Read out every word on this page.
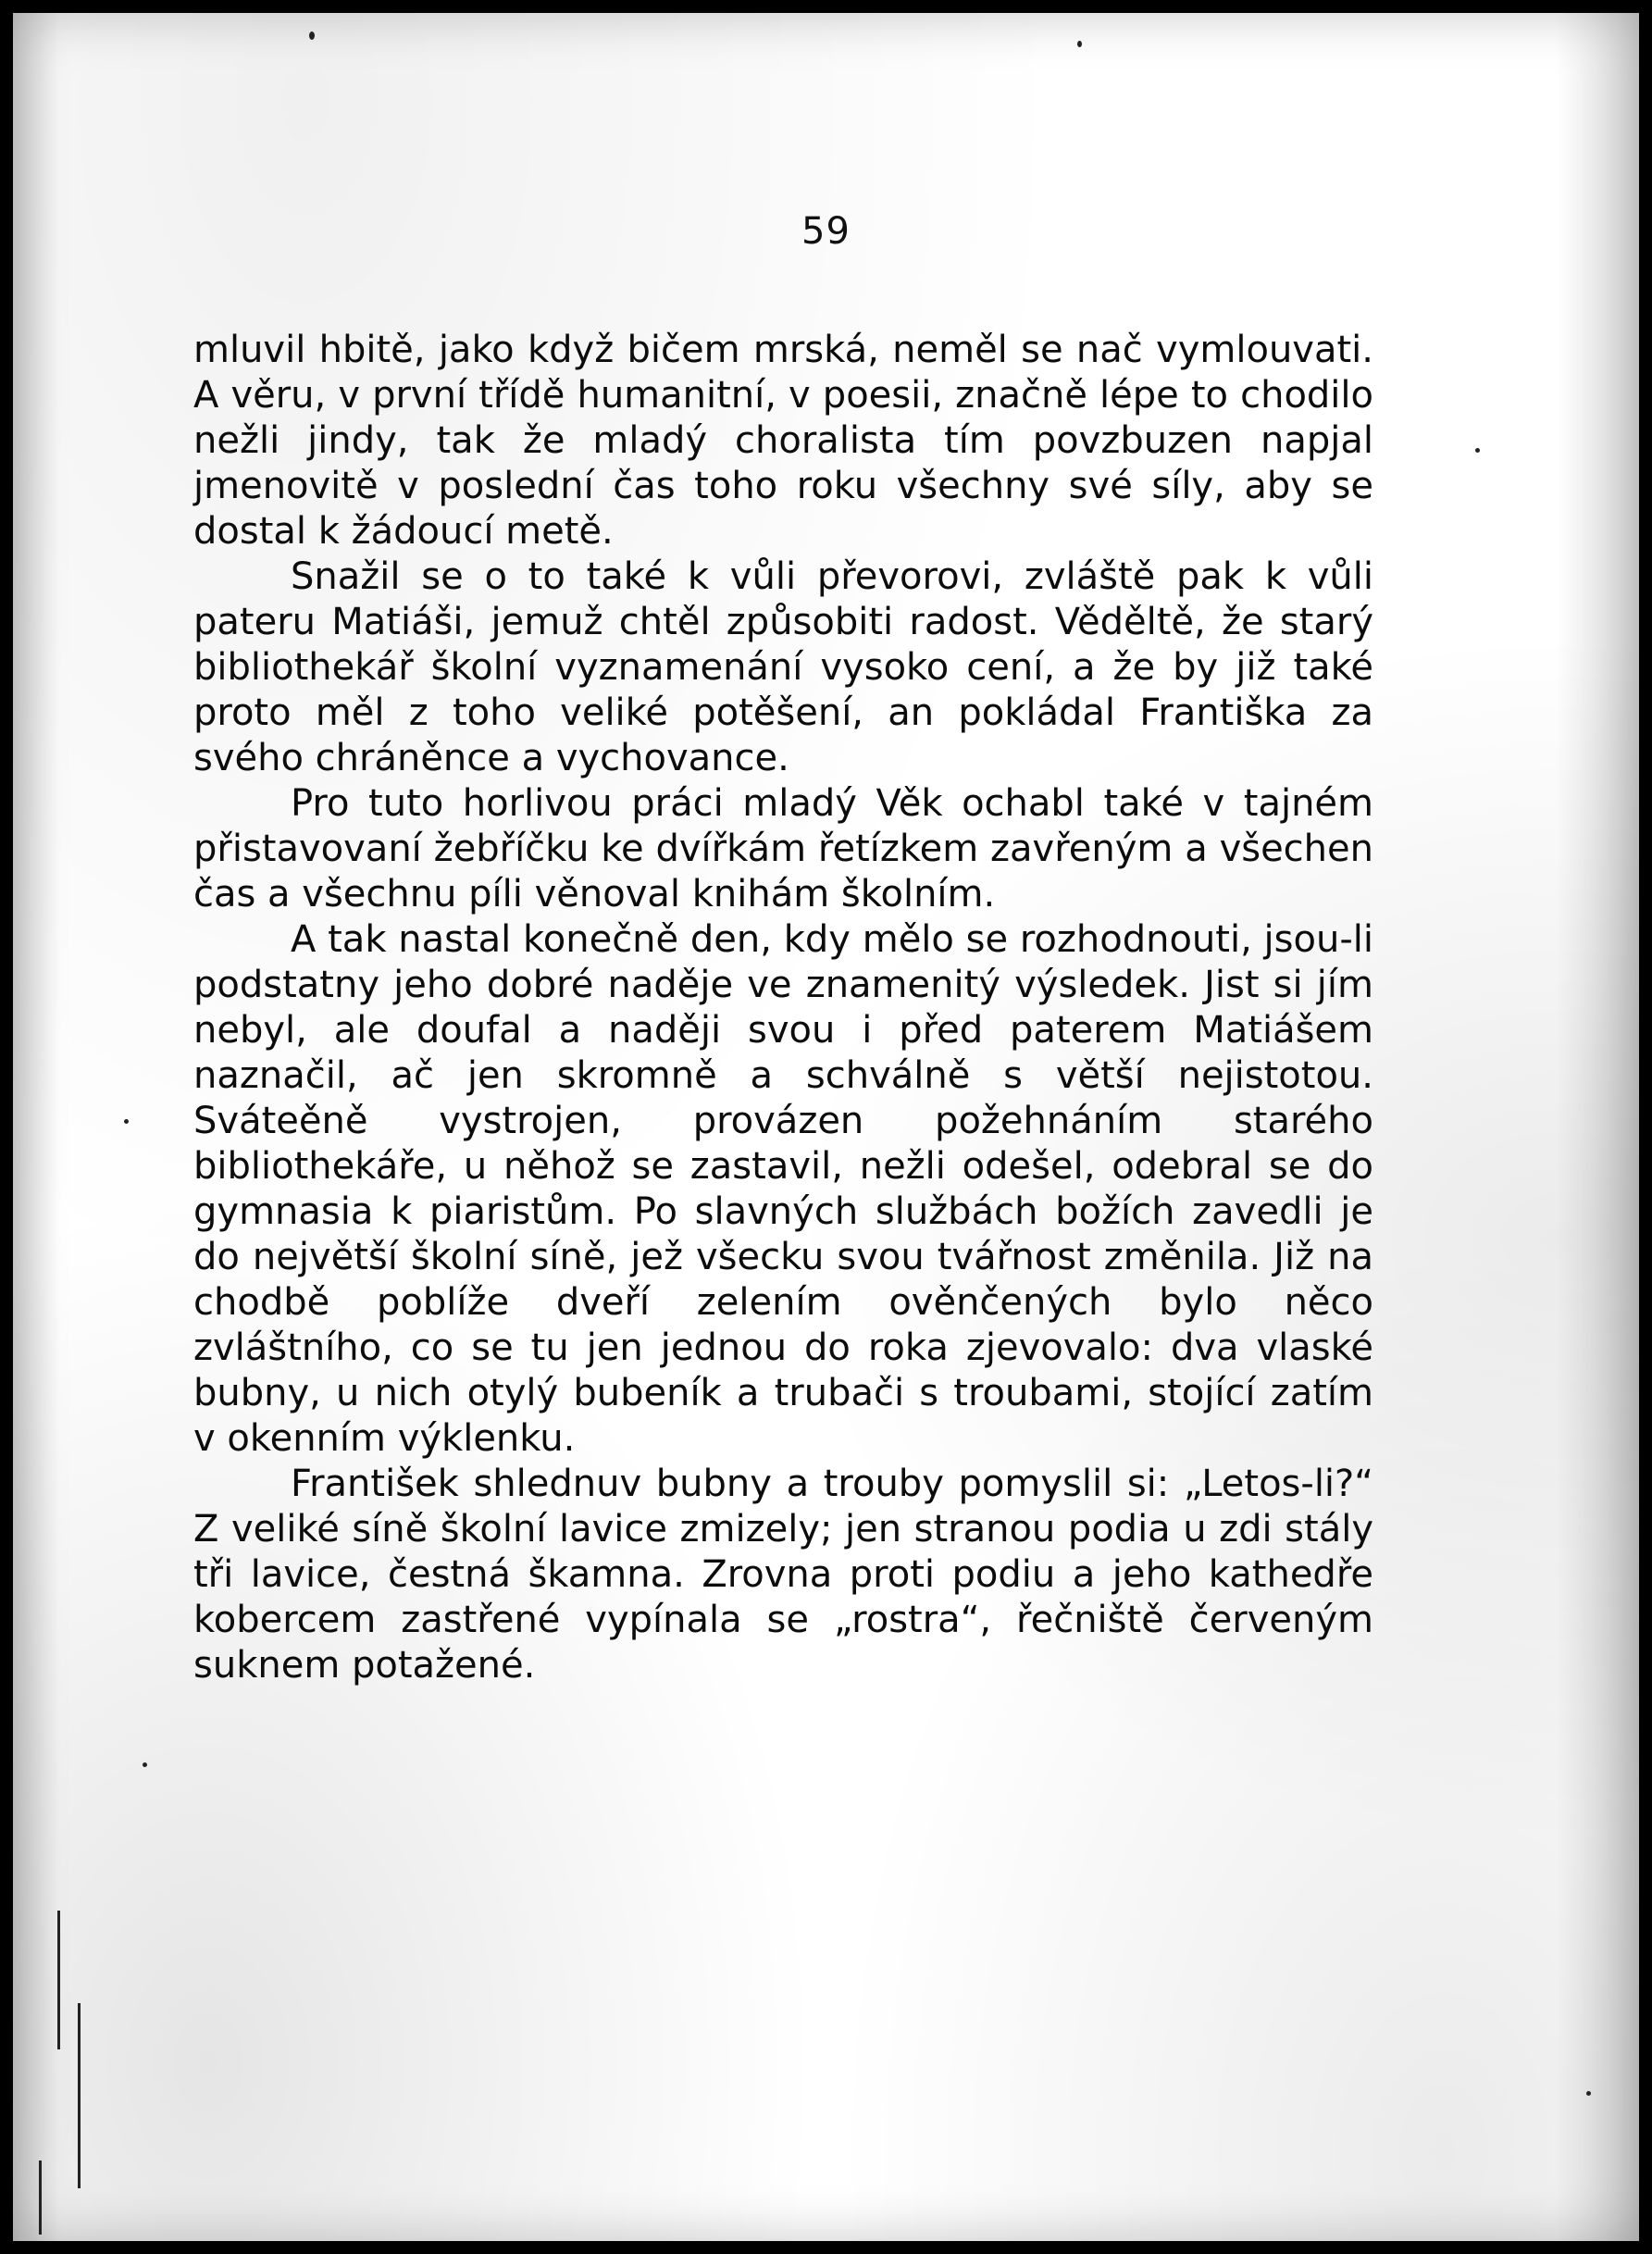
59

mluvil hbitě, jako když bičem mrská, neměl se nač vymlouvati. A věru, v první třídě humanitní, v poesii, značně lépe to chodilo nežli jindy, tak že mladý choralista tím povzbuzen napjal jmenovitě v poslední čas toho roku všechny své síly, aby se dostal k žádoucí metě.

Snažil se o to také k vůli převorovi, zvláště pak k vůli pateru Matiáši, jemuž chtěl způsobiti radost. Věděltě, že starý bibliothekář školní vyznamenání vysoko cení, a že by již také proto měl z toho veliké potěšení, an pokládal Františka za svého chráněnce a vychovance.

Pro tuto horlivou práci mladý Věk ochabl také v tajném přistavovaní žebříčku ke dvířkám řetízkem zavřeným a všechen čas a všechnu píli věnoval knihám školním.

A tak nastal konečně den, kdy mělo se rozhodnouti, jsou-li podstatny jeho dobré naděje ve znamenitý výsledek. Jist si jím nebyl, ale doufal a naději svou i před paterem Matiášem naznačil, ač jen skromně a schválně s větší nejistotou. Sváteěně vystrojen, provázen požehnáním starého bibliothekáře, u něhož se zastavil, nežli odešel, odebral se do gymnasia k piaristům. Po slavných službách božích zavedli je do největší školní síně, jež všecku svou tvářnost změnila. Již na chodbě poblíže dveří zelením ověnčených bylo něco zvláštního, co se tu jen jednou do roka zjevovalo: dva vlaské bubny, u nich otylý bubeník a trubači s troubami, stojící zatím v okenním výklenku.

František shlednuv bubny a trouby pomyslil si: „Letos-li?“ Z veliké síně školní lavice zmizely; jen stranou podia u zdi stály tři lavice, čestná škamna. Zrovna proti podiu a jeho kathedře kobercem zastřené vypínala se „rostra“, řečniště červeným suknem potažené.
